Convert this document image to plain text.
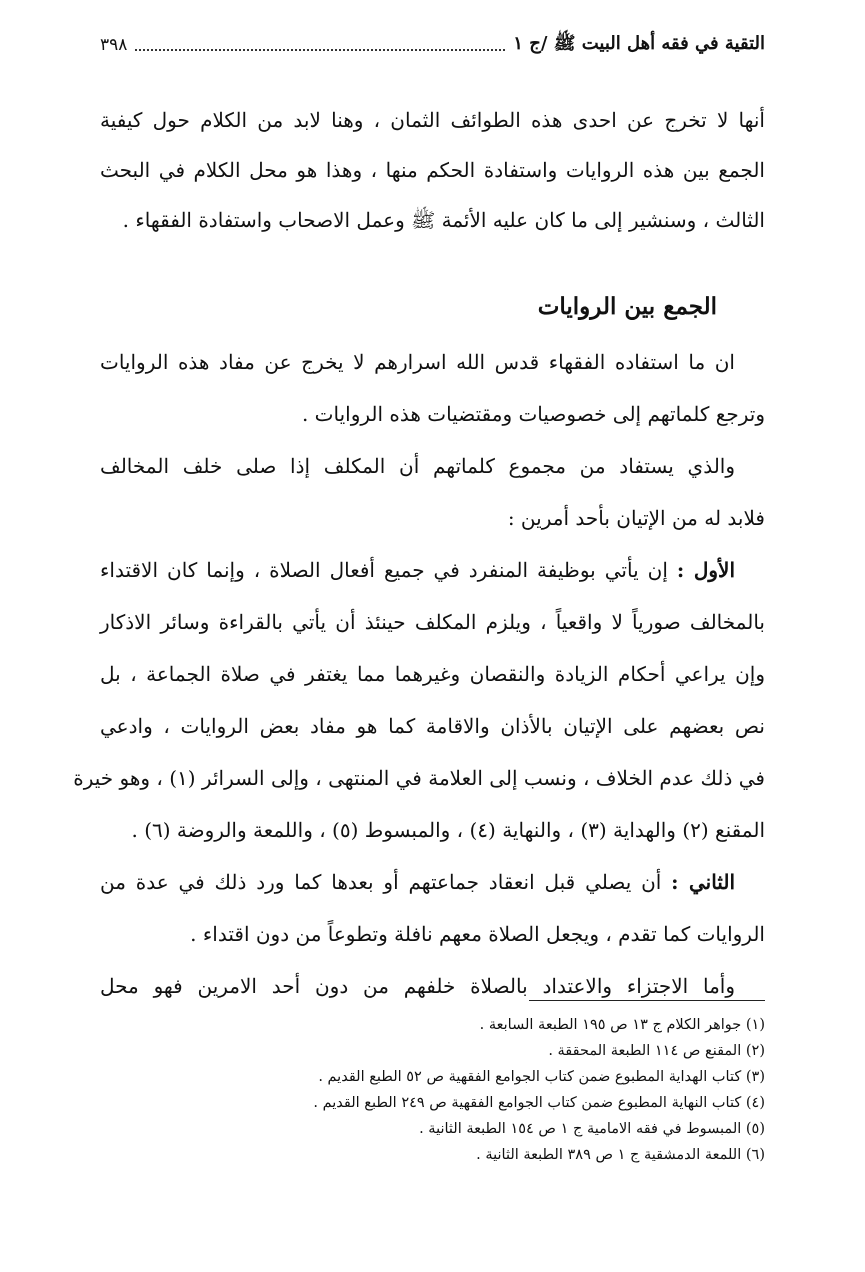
التقية في فقه أهل البيت ﷺ /ج ١
٣٩٨
أنها لا تخرج عن احدى هذه الطوائف الثمان ، وهنا لابد من الكلام حول كيفية
الجمع بين هذه الروايات واستفادة الحكم منها ، وهذا هو محل الكلام في البحث
الثالث ، وسنشير إلى ما كان عليه الأئمة ﷺ وعمل الاصحاب واستفادة الفقهاء .
الجمع بين الروايات
ان ما استفاده الفقهاء قدس الله اسرارهم لا يخرج عن مفاد هذه الروايات
وترجع كلماتهم إلى خصوصيات ومقتضيات هذه الروايات .
والذي يستفاد من مجموع كلماتهم أن المكلف إذا صلى خلف المخالف
فلابد له من الإتيان بأحد أمرين :
الأول : إن يأتي بوظيفة المنفرد في جميع أفعال الصلاة ، وإنما كان الاقتداء
بالمخالف صورياً لا واقعياً ، ويلزم المكلف حينئذ أن يأتي بالقراءة وسائر الاذكار
وإن يراعي أحكام الزيادة والنقصان وغيرهما مما يغتفر في صلاة الجماعة ، بل
نص بعضهم على الإتيان بالأذان والاقامة كما هو مفاد بعض الروايات ، وادعي
في ذلك عدم الخلاف ، ونسب إلى العلامة في المنتهى ، وإلى السرائر (١) ، وهو خيرة
المقنع (٢) والهداية (٣) ، والنهاية (٤) ، والمبسوط (٥) ، واللمعة والروضة (٦) .
الثاني : أن يصلي قبل انعقاد جماعتهم أو بعدها كما ورد ذلك في عدة من
الروايات كما تقدم ، ويجعل الصلاة معهم نافلة وتطوعاً من دون اقتداء .
وأما الاجتزاء والاعتداد بالصلاة خلفهم من دون أحد الامرين فهو محل
(١) جواهر الكلام ج ١٣ ص ١٩٥ الطبعة السابعة .
(٢) المقنع ص ١١٤ الطبعة المحققة .
(٣) كتاب الهداية المطبوع ضمن كتاب الجوامع الفقهية ص ٥٢ الطبع القديم .
(٤) كتاب النهاية المطبوع ضمن كتاب الجوامع الفقهية ص ٢٤٩ الطبع القديم .
(٥) المبسوط في فقه الامامية ج ١ ص ١٥٤ الطبعة الثانية .
(٦) اللمعة الدمشقية ج ١ ص ٣٨٩ الطبعة الثانية .
